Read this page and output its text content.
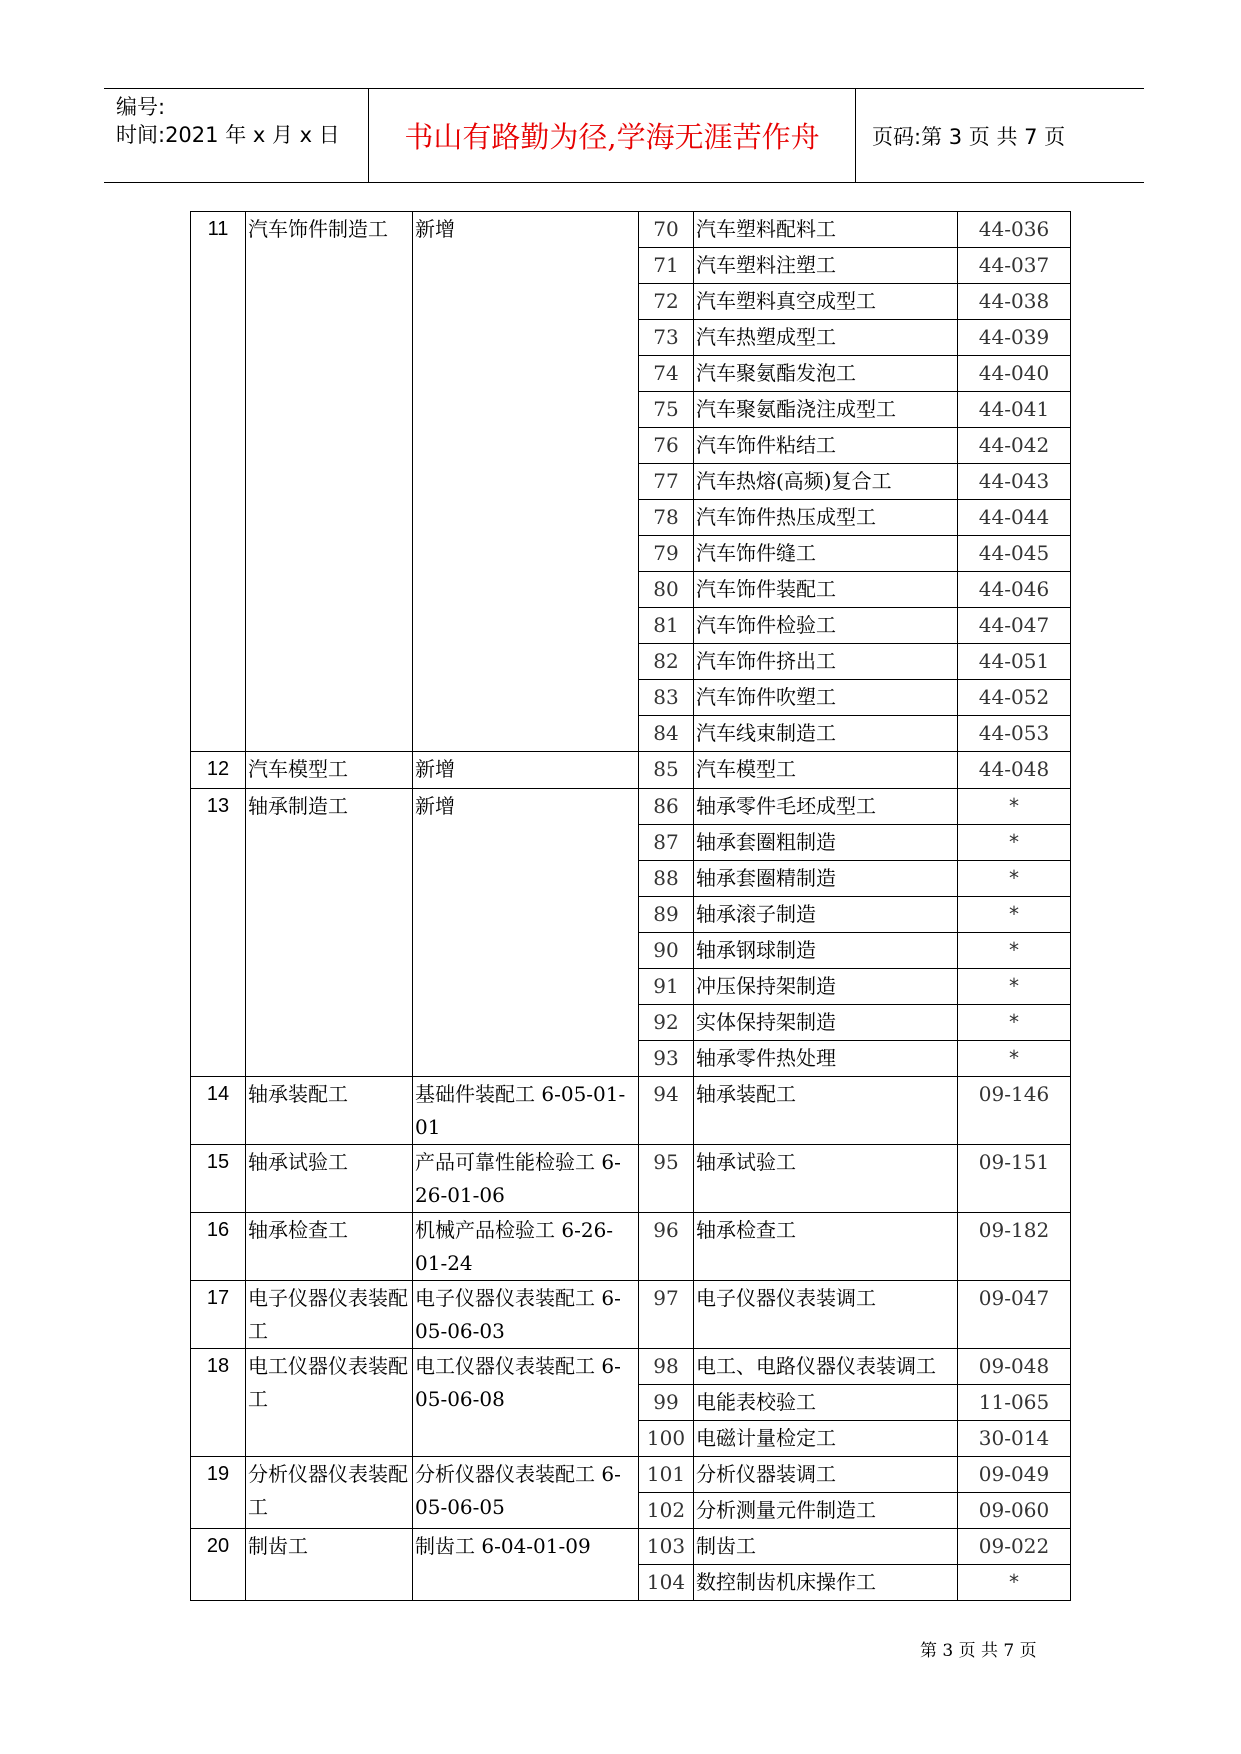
编号:
时间:2021 年 x 月 x 日	书山有路勤为径,学海无涯苦作舟	页码:第 3 页 共 7 页
11	汽车饰件制造工	新增	70	汽车塑料配料工	44-036
			71	汽车塑料注塑工	44-037
			72	汽车塑料真空成型工	44-038
			73	汽车热塑成型工	44-039
			74	汽车聚氨酯发泡工	44-040
			75	汽车聚氨酯浇注成型工	44-041
			76	汽车饰件粘结工	44-042
			77	汽车热熔(高频)复合工	44-043
			78	汽车饰件热压成型工	44-044
			79	汽车饰件缝工	44-045
			80	汽车饰件装配工	44-046
			81	汽车饰件检验工	44-047
			82	汽车饰件挤出工	44-051
			83	汽车饰件吹塑工	44-052
			84	汽车线束制造工	44-053
12	汽车模型工	新增	85	汽车模型工	44-048
13	轴承制造工	新增	86	轴承零件毛坯成型工	*
			87	轴承套圈粗制造	*
			88	轴承套圈精制造	*
			89	轴承滚子制造	*
			90	轴承钢球制造	*
			91	冲压保持架制造	*
			92	实体保持架制造	*
			93	轴承零件热处理	*
14	轴承装配工	基础件装配工 6-05-01-01	94	轴承装配工	09-146
15	轴承试验工	产品可靠性能检验工 6-26-01-06	95	轴承试验工	09-151
16	轴承检查工	机械产品检验工 6-26-01-24	96	轴承检查工	09-182
17	电子仪器仪表装配工	电子仪器仪表装配工 6-05-06-03	97	电子仪器仪表装调工	09-047
18	电工仪器仪表装配工	电工仪器仪表装配工 6-05-06-08	98	电工、电路仪器仪表装调工	09-048
			99	电能表校验工	11-065
			100	电磁计量检定工	30-014
19	分析仪器仪表装配工	分析仪器仪表装配工 6-05-06-05	101	分析仪器装调工	09-049
			102	分析测量元件制造工	09-060
20	制齿工	制齿工 6-04-01-09	103	制齿工	09-022
			104	数控制齿机床操作工	*
第 3 页 共 7 页
